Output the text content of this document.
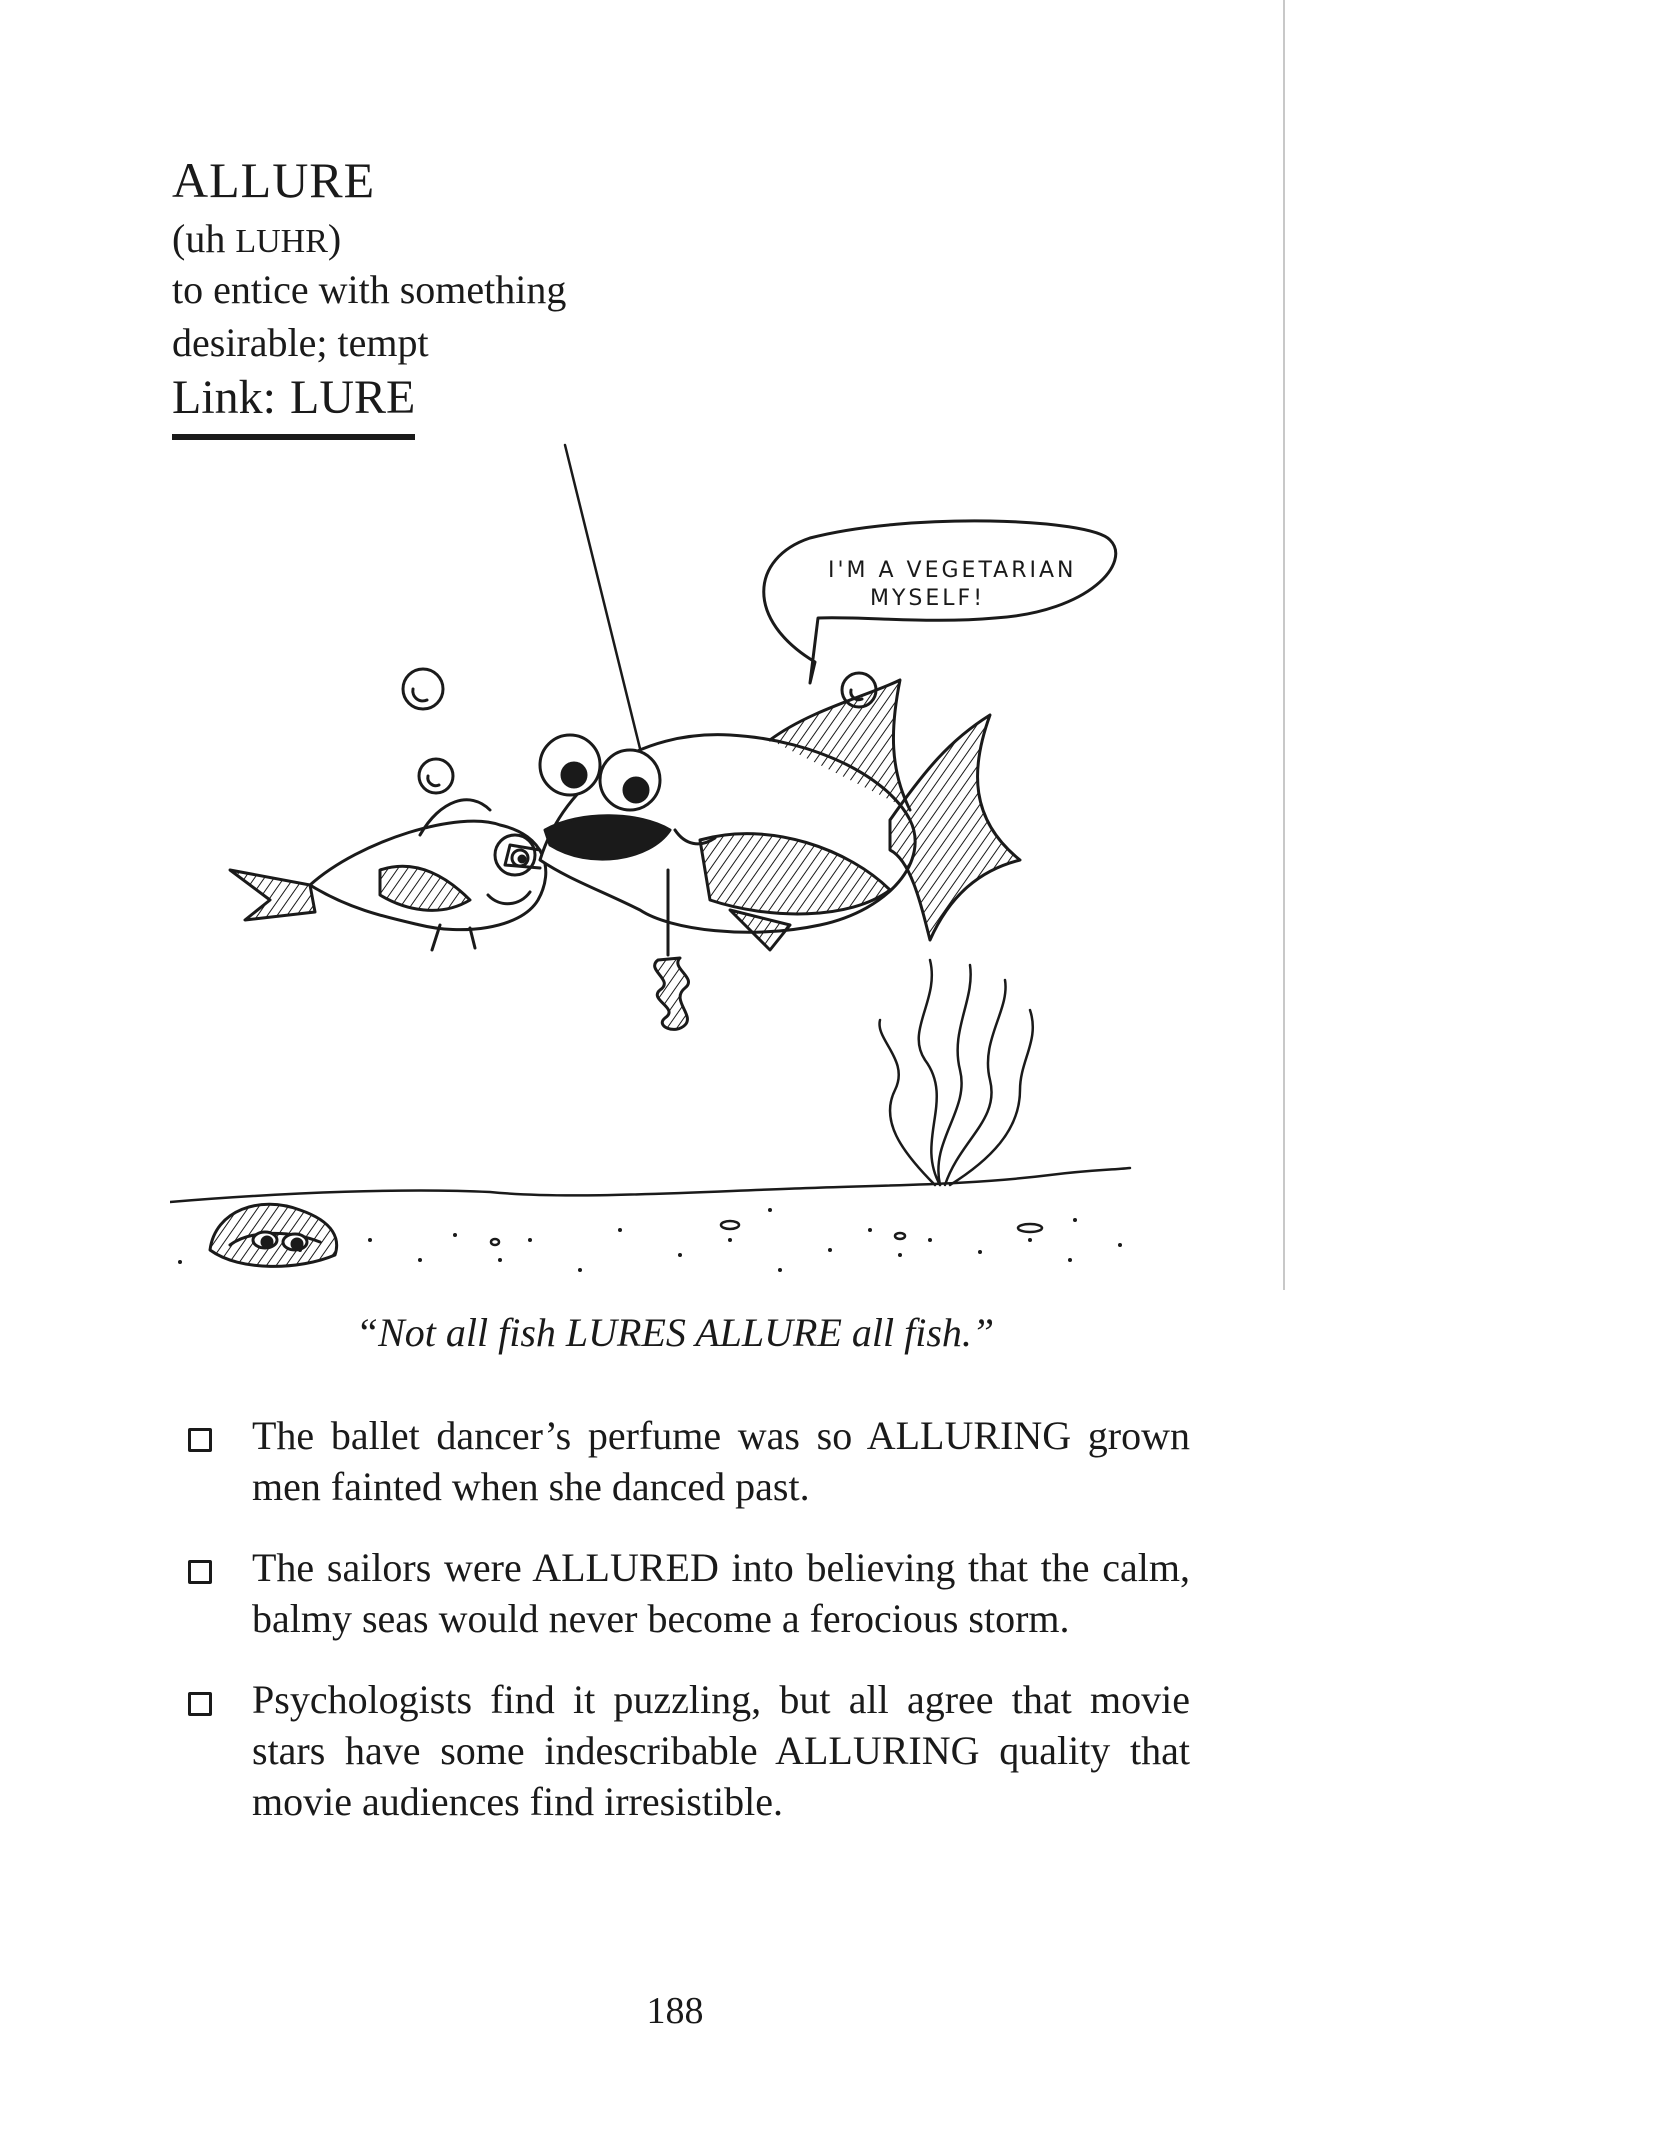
ALLURE
(uh LUHR)
to entice with something desirable; tempt
Link: LURE
I'M A VEGETARIAN
MYSELF!
“Not all fish LURES ALLURE all fish.”
The ballet dancer’s perfume was so ALLURING grown men fainted when she danced past.
The sailors were ALLURED into believing that the calm, balmy seas would never become a ferocious storm.
Psychologists find it puzzling, but all agree that movie stars have some indescribable ALLURING quality that movie audiences find irresistible.
188
